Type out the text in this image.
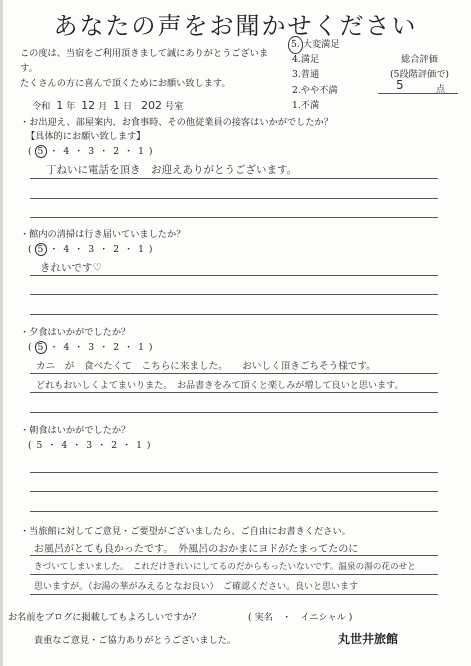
あなたの声をお聞かせください
この度は、当宿をご利用頂きまして誠にありがとうございます。
たくさんの方に喜んで頂くためにお願い致します。
5. 大変満足
4.満足
3.普通
2.やや不満
1.不満
総合評価
(5段階評価で)
5	点
令和 1 年 12 月 1 日 202 号室
・お出迎え、部屋案内、お食事時、その他従業員の接客はいかがでしたか？
【具体的にお願い致します】
( 5 ・ 4 ・ 3 ・ 2 ・ 1 )
丁ねいに電話を頂き　お迎えありがとうございます。
・館内の清掃は行き届いていましたか？
( 5 ・ 4 ・ 3 ・ 2 ・ 1 )
きれいです♡
・夕食はいかがでしたか？
( 5 ・ 4 ・ 3 ・ 2 ・ 1 )
カニ　が　食べたくて　こちらに来ました。　　おいしく頂きごちそう様です。
どれもおいしくよてまいりまた。　お品書きをみて頂くと楽しみが増して良いと思います。
・朝食はいかがでしたか？
( 5 ・ 4 ・ 3 ・ 2 ・ 1 )
・当旅館に対してご意見・ご要望がございましたら、ご自由にお書きください。
お風呂がとても良かったです。　外風呂のおかまにヨドがたまってたのに
きづいてしまいました。　これだけきれいにしてるのだからもったいないです。温泉の湯の花のせと
思いますが。（お湯の華がみえるとなお良い）　ご確認ください。良いと思います
お名前をブログに掲載してもよろしいですか？	( 実名　・　イニシャル )
貴重なご意見・ご協力ありがとうございました。	丸世井旅館
